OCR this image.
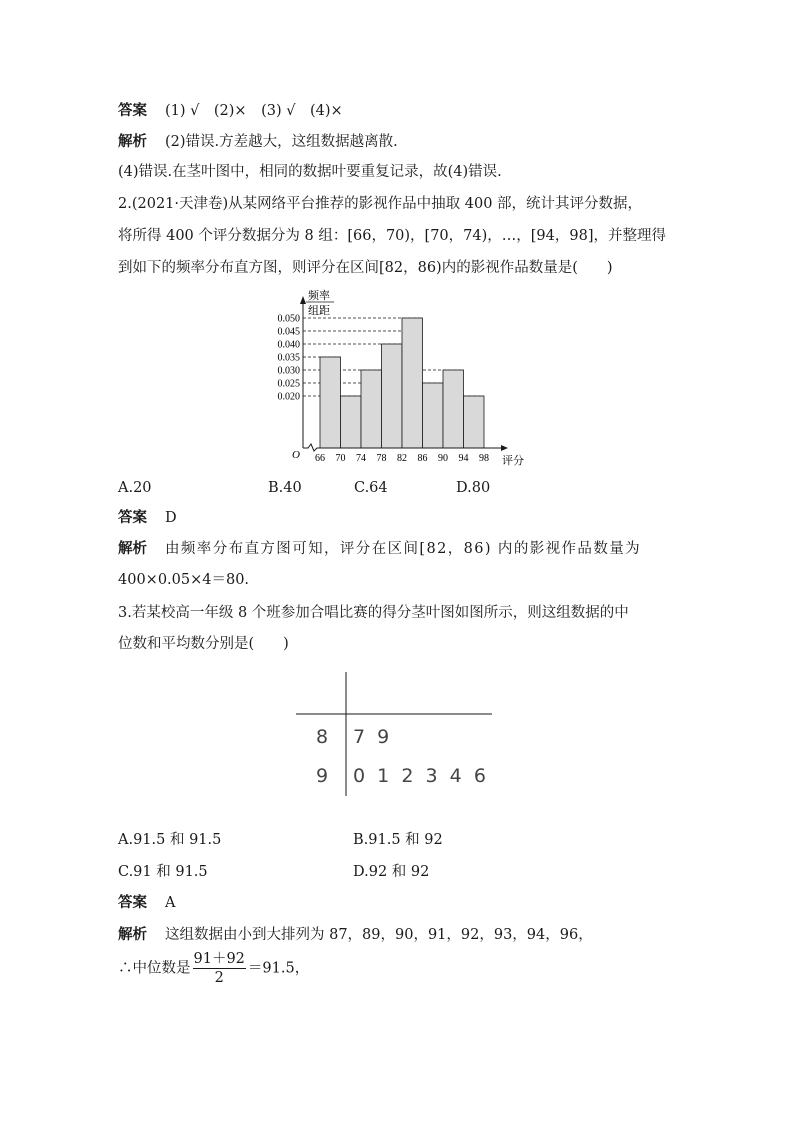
答案 (1) √　(2)×　(3) √　(4)×
解析 (2)错误.方差越大，这组数据越离散.
(4)错误.在茎叶图中，相同的数据叶要重复记录，故(4)错误.
2.(2021·天津卷)从某网络平台推荐的影视作品中抽取 400 部，统计其评分数据，
将所得 400 个评分数据分为 8 组：[66，70)，[70，74)，…，[94，98]，并整理得
到如下的频率分布直方图，则评分在区间[82，86)内的影视作品数量是(　　)
频率
组距
0.020
0.025
0.030
0.035
0.040
0.045
0.050
66 70 74 78 82 86 90 94 98
O	评分
A.20	B.40	C.64	D.80
答案 D
解析 由频率分布直方图可知，评分在区间[82，86) 内的影视作品数量为
400×0.05×4＝80.
3.若某校高一年级 8 个班参加合唱比赛的得分茎叶图如图所示，则这组数据的中
位数和平均数分别是(　　)
8 7  9
9 0  1  2  3  4  6
A.91.5 和 91.5	B.91.5 和 92
C.91 和 91.5	D.92 和 92
答案 A
解析 这组数据由小到大排列为 87，89，90，91，92，93，94，96，
∴中位数是 $\frac{91+92}{2} =91.5$，
